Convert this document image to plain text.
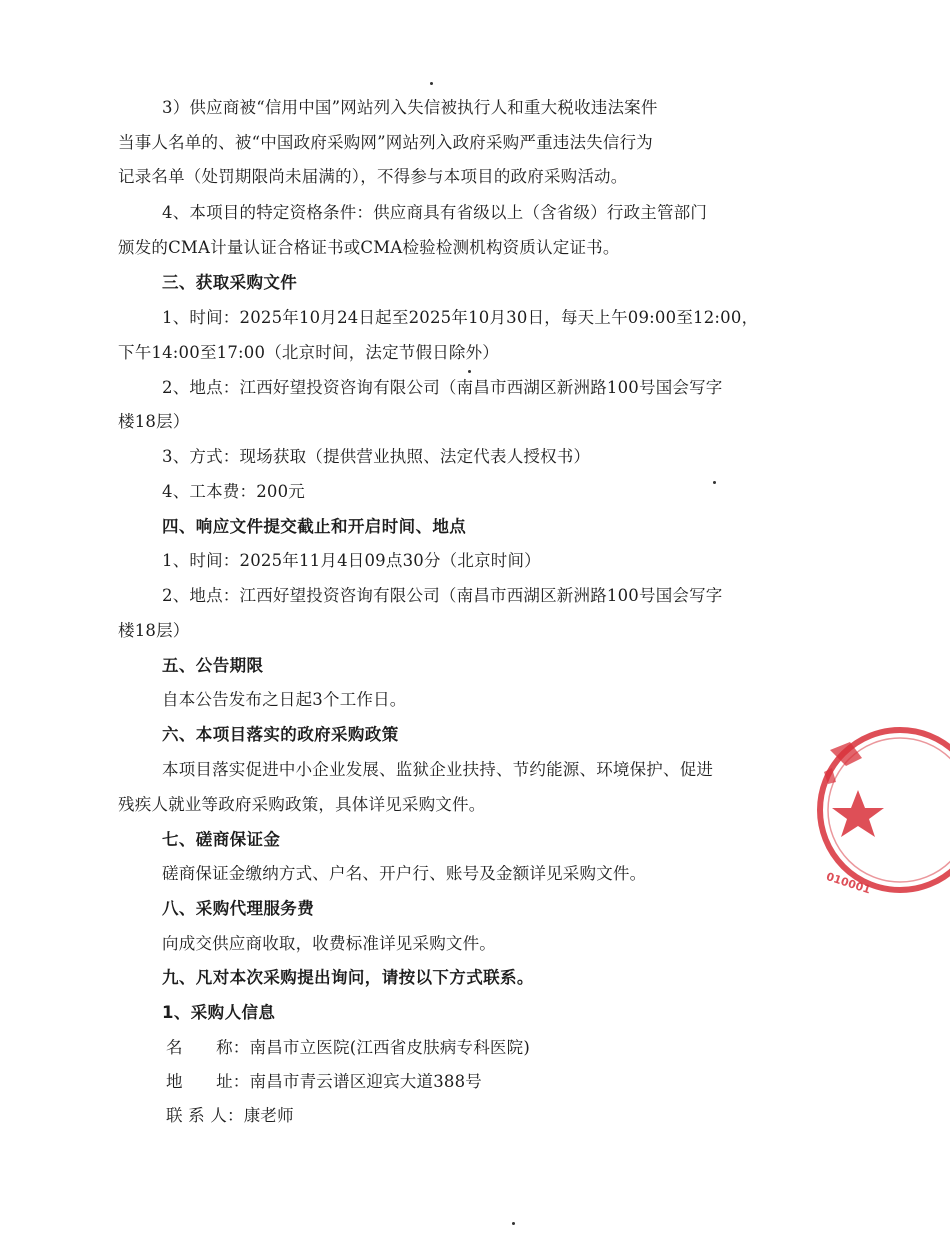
3）供应商被“信用中国”网站列入失信被执行人和重大税收违法案件
当事人名单的、被“中国政府采购网”网站列入政府采购严重违法失信行为
记录名单（处罚期限尚未届满的），不得参与本项目的政府采购活动。
4、本项目的特定资格条件：供应商具有省级以上（含省级）行政主管部门
颁发的CMA计量认证合格证书或CMA检验检测机构资质认定证书。
三、获取采购文件
1、时间：2025年10月24日起至2025年10月30日，每天上午09:00至12:00，
下午14:00至17:00（北京时间，法定节假日除外）
2、地点：江西好望投资咨询有限公司（南昌市西湖区新洲路100号国会写字
楼18层）
3、方式：现场获取（提供营业执照、法定代表人授权书）
4、工本费：200元
四、响应文件提交截止和开启时间、地点
1、时间：2025年11月4日09点30分（北京时间）
2、地点：江西好望投资咨询有限公司（南昌市西湖区新洲路100号国会写字
楼18层）
五、公告期限
自本公告发布之日起3个工作日。
六、本项目落实的政府采购政策
本项目落实促进中小企业发展、监狱企业扶持、节约能源、环境保护、促进
残疾人就业等政府采购政策，具体详见采购文件。
七、磋商保证金
磋商保证金缴纳方式、户名、开户行、账号及金额详见采购文件。
八、采购代理服务费
向成交供应商收取，收费标准详见采购文件。
九、凡对本次采购提出询问，请按以下方式联系。
1、采购人信息
名　　称：南昌市立医院(江西省皮肤病专科医院)
地　　址：南昌市青云谱区迎宾大道388号
联 系 人：康老师
010001
